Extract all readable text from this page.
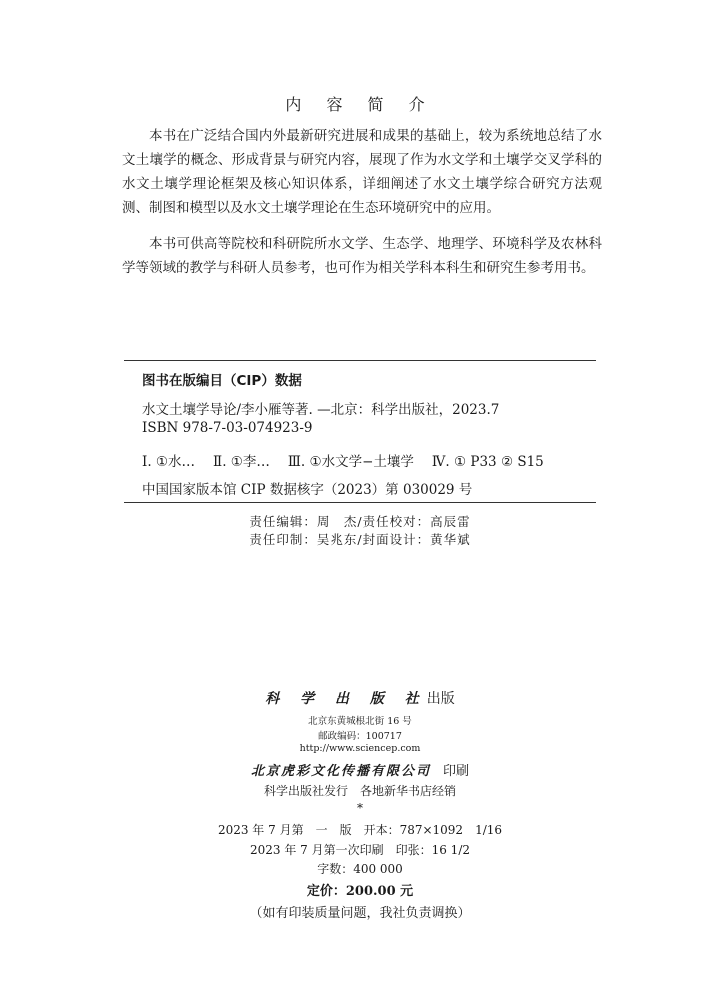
内 容 简 介

本书在广泛结合国内外最新研究进展和成果的基础上，较为系统地总结了水文土壤学的概念、形成背景与研究内容，展现了作为水文学和土壤学交叉学科的水文土壤学理论框架及核心知识体系，详细阐述了水文土壤学综合研究方法观测、制图和模型以及水文土壤学理论在生态环境研究中的应用。

本书可供高等院校和科研院所水文学、生态学、地理学、环境科学及农林科学等领域的教学与科研人员参考，也可作为相关学科本科生和研究生参考用书。

图书在版编目（CIP）数据
水文土壤学导论/李小雁等著. —北京：科学出版社，2023.7
ISBN 978-7-03-074923-9
Ⅰ. ①水… Ⅱ. ①李… Ⅲ. ①水文学−土壤学 Ⅳ. ① P33 ② S15
中国国家版本馆 CIP 数据核字（2023）第 030029 号
责任编辑：周　杰/责任校对：高辰雷
责任印制：吴兆东/封面设计：黄华斌
科 学 出 版 社出版
北京东黄城根北街 16 号
邮政编码：100717
http://www.sciencep.com
北京虎彩文化传播有限公司 印刷
科学出版社发行　各地新华书店经销
*
2023 年 7 月第　一　版　开本：787×1092　1/16
2023 年 7 月第一次印刷　印张：16 1/2
字数：400 000
定价：200.00 元
（如有印装质量问题，我社负责调换）
